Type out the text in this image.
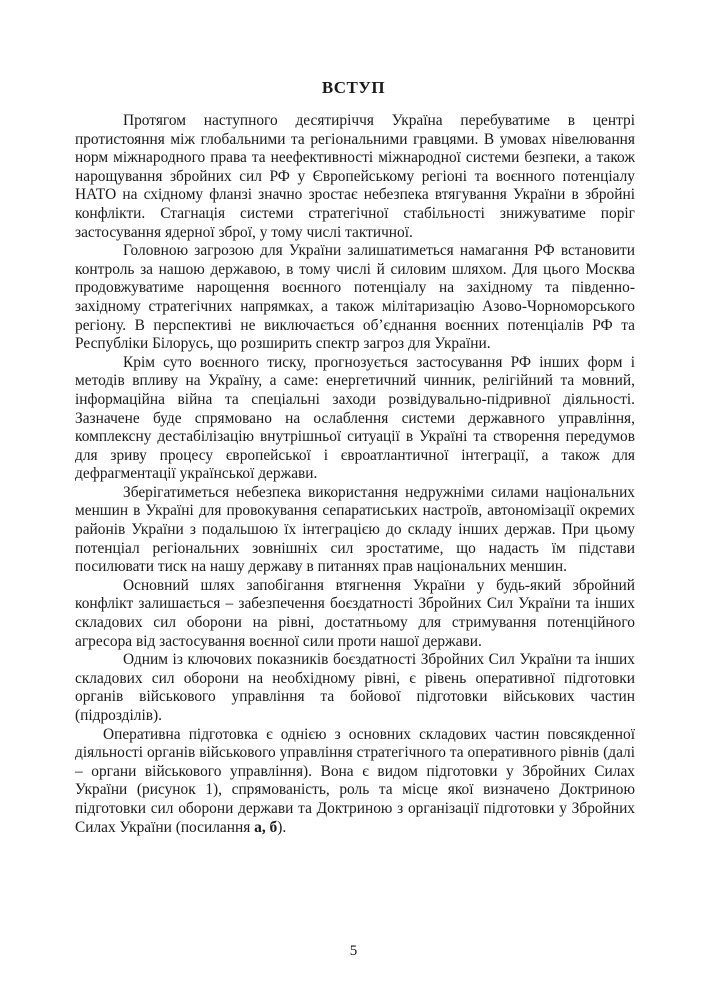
ВСТУП

Протягом наступного десятиріччя Україна перебуватиме в центрі протистояння між глобальними та регіональними гравцями. В умовах нівелювання норм міжнародного права та неефективності міжнародної системи безпеки, а також нарощування збройних сил РФ у Європейському регіоні та воєнного потенціалу НАТО на східному фланзі значно зростає небезпека втягування України в збройні конфлікти. Стагнація системи стратегічної стабільності знижуватиме поріг застосування ядерної зброї, у тому числі тактичної.

Головною загрозою для України залишатиметься намагання РФ встановити контроль за нашою державою, в тому числі й силовим шляхом. Для цього Москва продовжуватиме нарощення воєнного потенціалу на західному та південно-західному стратегічних напрямках, а також мілітаризацію Азово-Чорноморського регіону. В перспективі не виключається об’єднання воєнних потенціалів РФ та Республіки Білорусь, що розширить спектр загроз для України.

Крім суто воєнного тиску, прогнозується застосування РФ інших форм і методів впливу на Україну, а саме: енергетичний чинник, релігійний та мовний, інформаційна війна та спеціальні заходи розвідувально-підривної діяльності. Зазначене буде спрямовано на ослаблення системи державного управління, комплексну дестабілізацію внутрішньої ситуації в Україні та створення передумов для зриву процесу європейської і євроатлантичної інтеграції, а також для дефрагментації української держави.

Зберігатиметься небезпека використання недружніми силами національних меншин в Україні для провокування сепаратиських настроїв, автономізації окремих районів України з подальшою їх інтеграцією до складу інших держав. При цьому потенціал регіональних зовнішніх сил зростатиме, що надасть їм підстави посилювати тиск на нашу державу в питаннях прав національних меншин.

Основний шлях запобігання втягнення України у будь-який збройний конфлікт залишається – забезпечення боєздатності Збройних Сил України та інших складових сил оборони на рівні, достатньому для стримування потенційного агресора від застосування воєнної сили проти нашої держави.

Одним із ключових показників боєздатності Збройних Сил України та інших складових сил оборони на необхідному рівні, є рівень оперативної підготовки органів військового управління та бойової підготовки військових частин (підрозділів).

Оперативна підготовка є однією з основних складових частин повсякденної діяльності органів військового управління стратегічного та оперативного рівнів (далі – органи військового управління). Вона є видом підготовки у Збройних Силах України (рисунок 1), спрямованість, роль та місце якої визначено Доктриною підготовки сил оборони держави та Доктриною з організації підготовки у Збройних Силах України (посилання а, б).

5
